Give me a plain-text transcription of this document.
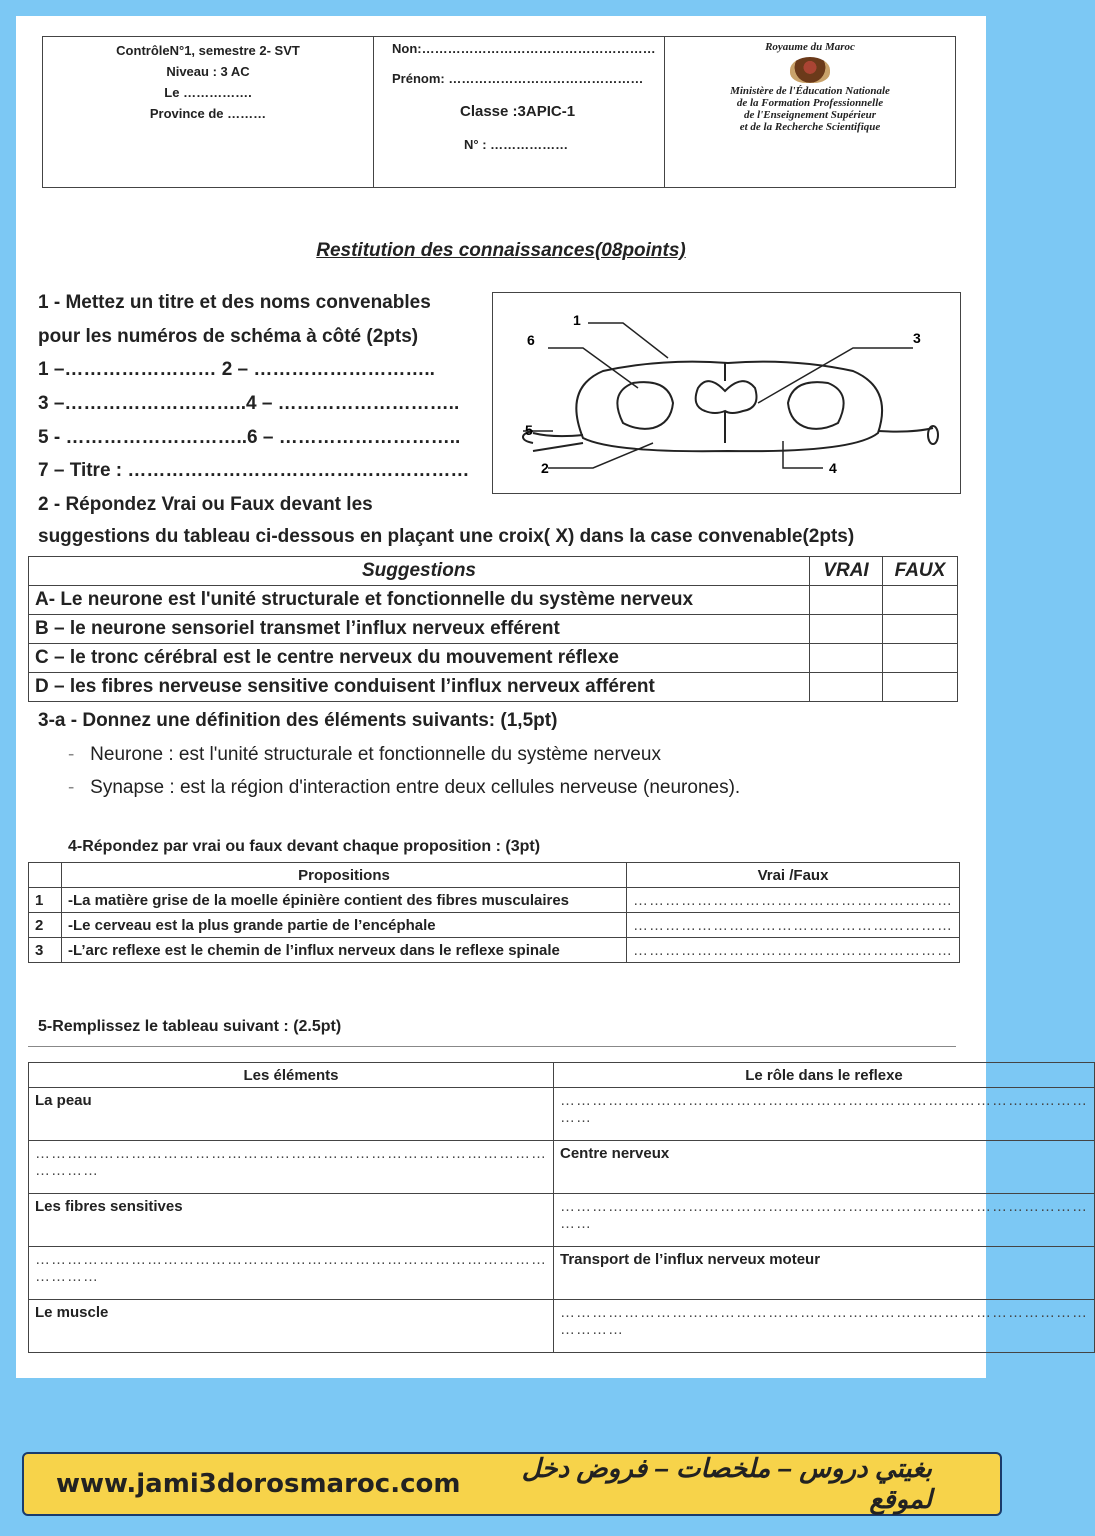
ContrôleN°1, semestre 2- SVT
Niveau : 3 AC
Le …………….
Province de ………
Non:………………………………………………
Prénom: ………………………………………
Classe :3APIC-1
N° : ………………
Royaume du Maroc
Ministère de l'Éducation Nationale
de la Formation Professionnelle
de l'Enseignement Supérieur
et de la Recherche Scientifique
Restitution des connaissances(08points)
1 - Mettez un titre et des noms convenables
pour les numéros de schéma à côté (2pts)
1 –…………………… 2 – ………………………..
3 –………………………..4 – ………………………..
5 - ………………………..6 – ………………………..
7 – Titre : ………………………………………………
1
2
3
4
5
6
2 - Répondez Vrai ou Faux devant les
suggestions du tableau ci-dessous en plaçant une croix( X) dans la case convenable(2pts)
Suggestions	VRAI	FAUX
A- Le neurone est l'unité structurale et fonctionnelle du système nerveux		
B – le neurone sensoriel transmet l’influx nerveux efférent		
C – le tronc cérébral est le centre nerveux du mouvement réflexe		
D – les fibres nerveuse sensitive conduisent l’influx nerveux afférent		
3-a - Donnez une définition des éléments suivants: (1,5pt)
-   Neurone : est l'unité structurale et fonctionnelle du système nerveux
-   Synapse : est la région d'interaction entre deux cellules nerveuse (neurones).
4-Répondez par vrai ou faux devant chaque proposition : (3pt)
	Propositions	Vrai /Faux
1	-La matière grise de la moelle épinière contient des fibres musculaires	……………………………………………………
2	-Le cerveau est la plus grande partie de l’encéphale	……………………………………………………
3	-L’arc reflexe est le chemin de l’influx nerveux dans le reflexe spinale	……………………………………………………
5-Remplissez le tableau suivant : (2.5pt)
Les éléments	Le rôle dans le reflexe
La peau	……………………………………………………………………………………… ……
…………………………………………………………………………………… …………	Centre nerveux
Les fibres sensitives	……………………………………………………………………………………… ……
…………………………………………………………………………………… …………	Transport de l’influx nerveux moteur
Le muscle	……………………………………………………………………………………… …………
www.jami3dorosmaroc.com
بغيتي دروس – ملخصات – فروض دخل لموقع
